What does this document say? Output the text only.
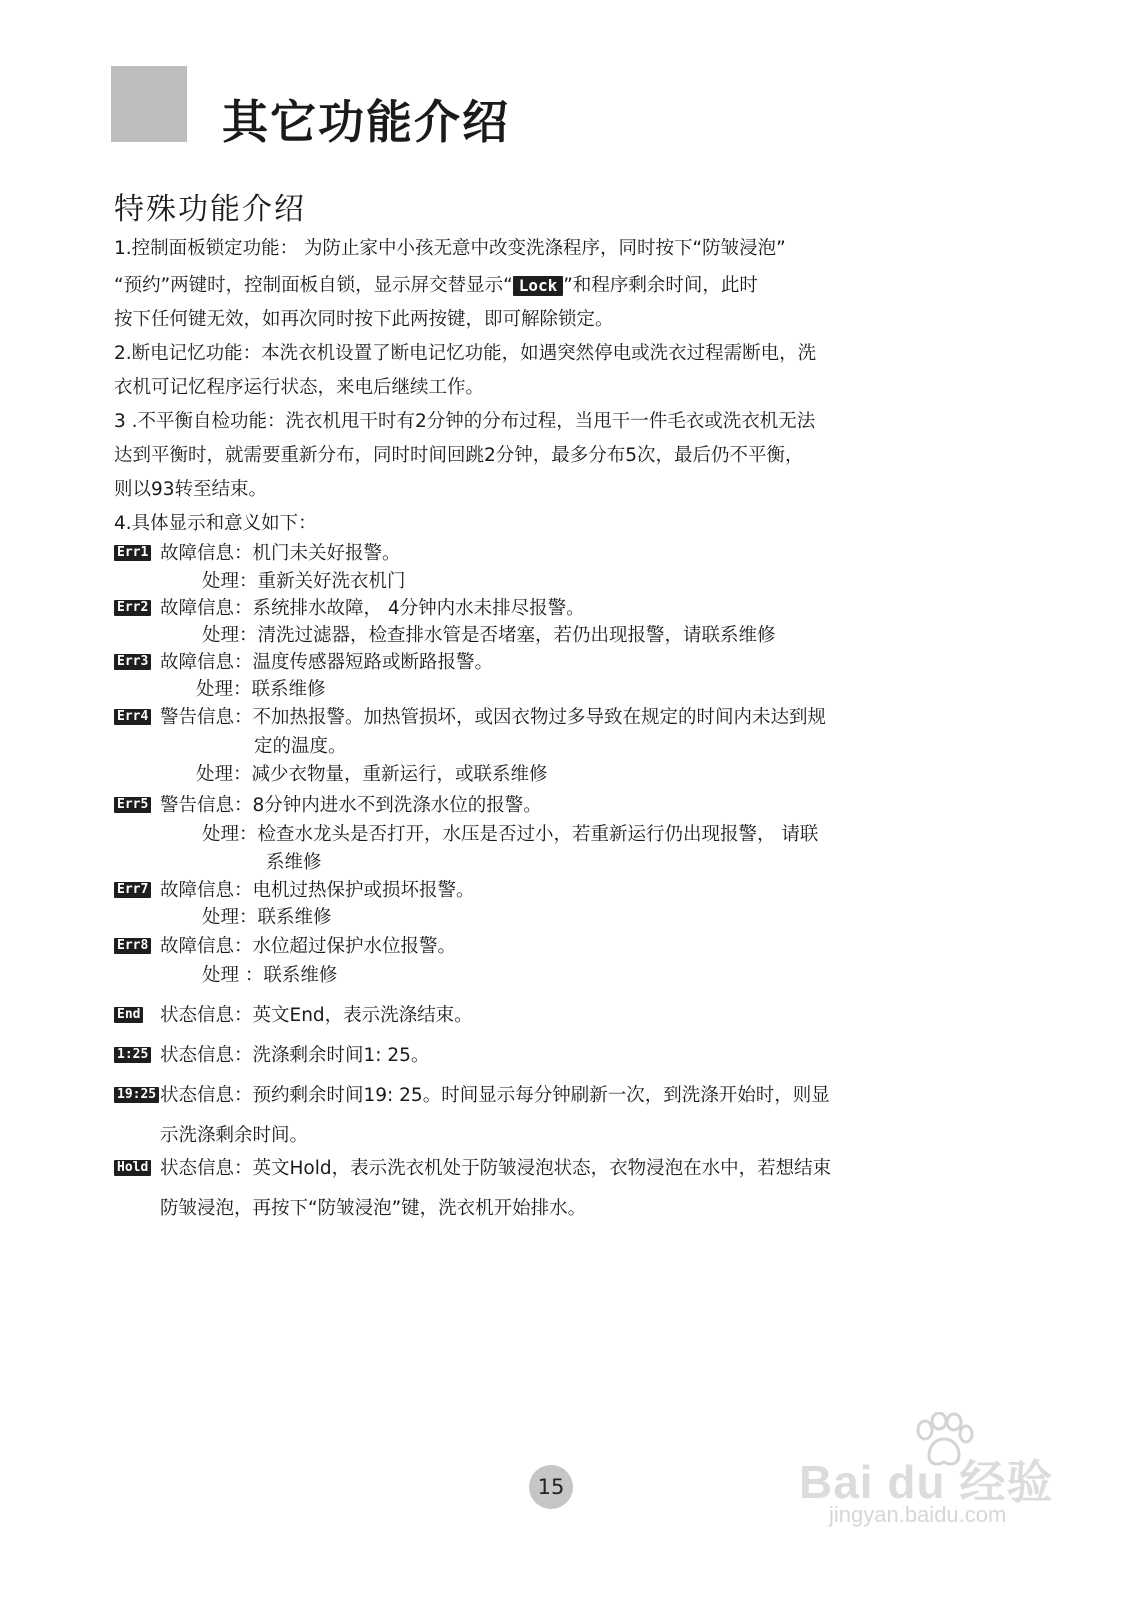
其它功能介绍
特殊功能介绍
1.控制面板锁定功能： 为防止家中小孩无意中改变洗涤程序，同时按下“防皱浸泡”
“预约”两键时，控制面板自锁，显示屏交替显示“ Lock ”和程序剩余时间，此时
按下任何键无效，如再次同时按下此两按键，即可解除锁定。
2.断电记忆功能：本洗衣机设置了断电记忆功能，如遇突然停电或洗衣过程需断电，洗
衣机可记忆程序运行状态，来电后继续工作。
3 .不平衡自检功能：洗衣机甩干时有2分钟的分布过程，当甩干一件毛衣或洗衣机无法
达到平衡时，就需要重新分布，同时时间回跳2分钟，最多分布5次，最后仍不平衡，
则以93转至结束。
4.具体显示和意义如下：
Err1 故障信息：机门未关好报警。
处理：重新关好洗衣机门
Err2 故障信息：系统排水故障， 4分钟内水未排尽报警。
处理：清洗过滤器，检查排水管是否堵塞，若仍出现报警，请联系维修
Err3 故障信息：温度传感器短路或断路报警。
处理：联系维修
Err4 警告信息：不加热报警。加热管损坏，或因衣物过多导致在规定的时间内未达到规
定的温度。
处理：减少衣物量，重新运行，或联系维修
Err5 警告信息：8分钟内进水不到洗涤水位的报警。
处理：检查水龙头是否打开，水压是否过小，若重新运行仍出现报警， 请联
系维修
Err7 故障信息：电机过热保护或损坏报警。
处理：联系维修
Err8 故障信息：水位超过保护水位报警。
处理 ：联系维修
End 状态信息：英文End，表示洗涤结束。
1:25 状态信息：洗涤剩余时间1: 25。
19:25 状态信息：预约剩余时间19: 25。时间显示每分钟刷新一次，到洗涤开始时，则显
示洗涤剩余时间。
Hold 状态信息：英文Hold，表示洗衣机处于防皱浸泡状态，衣物浸泡在水中，若想结束
防皱浸泡，再按下“防皱浸泡”键，洗衣机开始排水。
15	Bai du 经验
jingyan.baidu.com
